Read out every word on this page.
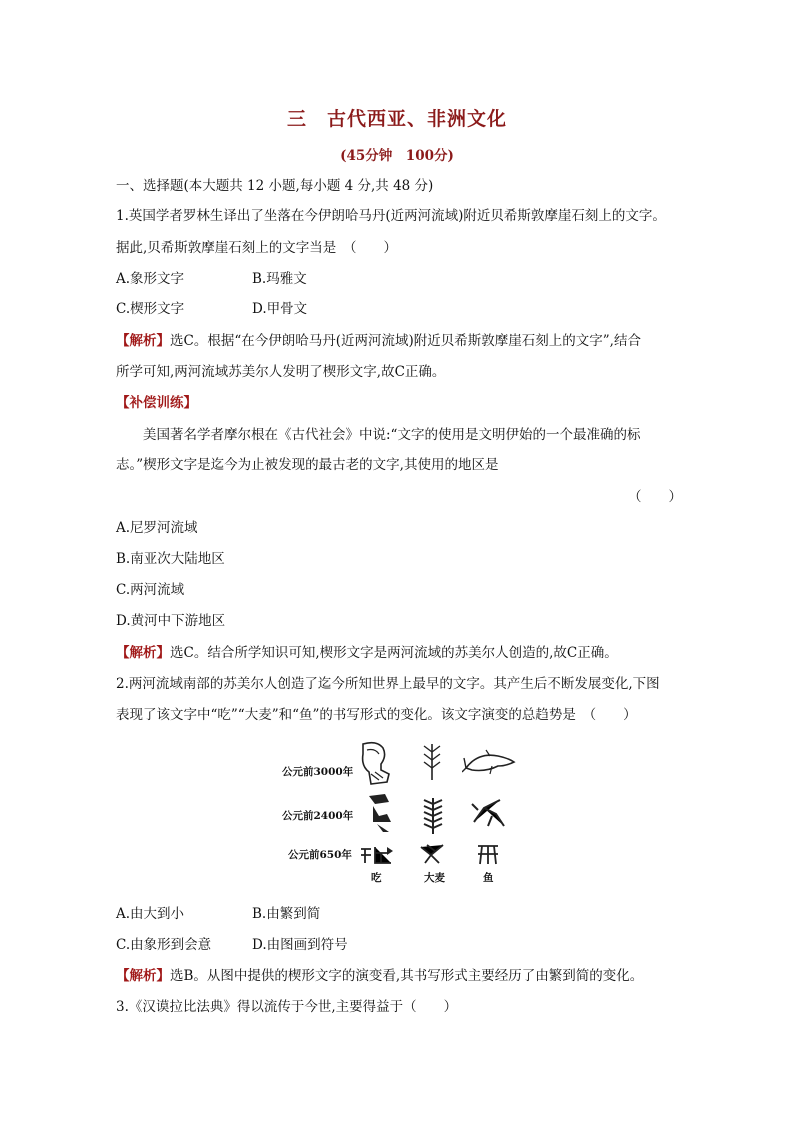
三　古代西亚、非洲文化
(45分钟　100分)
一、选择题(本大题共 12 小题,每小题 4 分,共 48 分)
1.英国学者罗林生译出了坐落在今伊朗哈马丹(近两河流域)附近贝希斯敦摩崖石刻上的文字。
据此,贝希斯敦摩崖石刻上的文字当是　（　　）
A.象形文字	B.玛雅文
C.楔形文字	D.甲骨文
【解析】选C。根据“在今伊朗哈马丹(近两河流域)附近贝希斯敦摩崖石刻上的文字”,结合
所学可知,两河流域苏美尔人发明了楔形文字,故C正确。
【补偿训练】
美国著名学者摩尔根在《古代社会》中说:“文字的使用是文明伊始的一个最准确的标
志。”楔形文字是迄今为止被发现的最古老的文字,其使用的地区是
（　　）
A.尼罗河流域
B.南亚次大陆地区
C.两河流域
D.黄河中下游地区
【解析】选C。结合所学知识可知,楔形文字是两河流域的苏美尔人创造的,故C正确。
2.两河流域南部的苏美尔人创造了迄今所知世界上最早的文字。其产生后不断发展变化,下图
表现了该文字中“吃”“大麦”和“鱼”的书写形式的变化。该文字演变的总趋势是　（　　）
公元前3000年
公元前2400年
公元前650年
吃	大麦	鱼
A.由大到小	B.由繁到简
C.由象形到会意	D.由图画到符号
【解析】选B。从图中提供的楔形文字的演变看,其书写形式主要经历了由繁到简的变化。
3.《汉谟拉比法典》得以流传于今世,主要得益于（　　）
